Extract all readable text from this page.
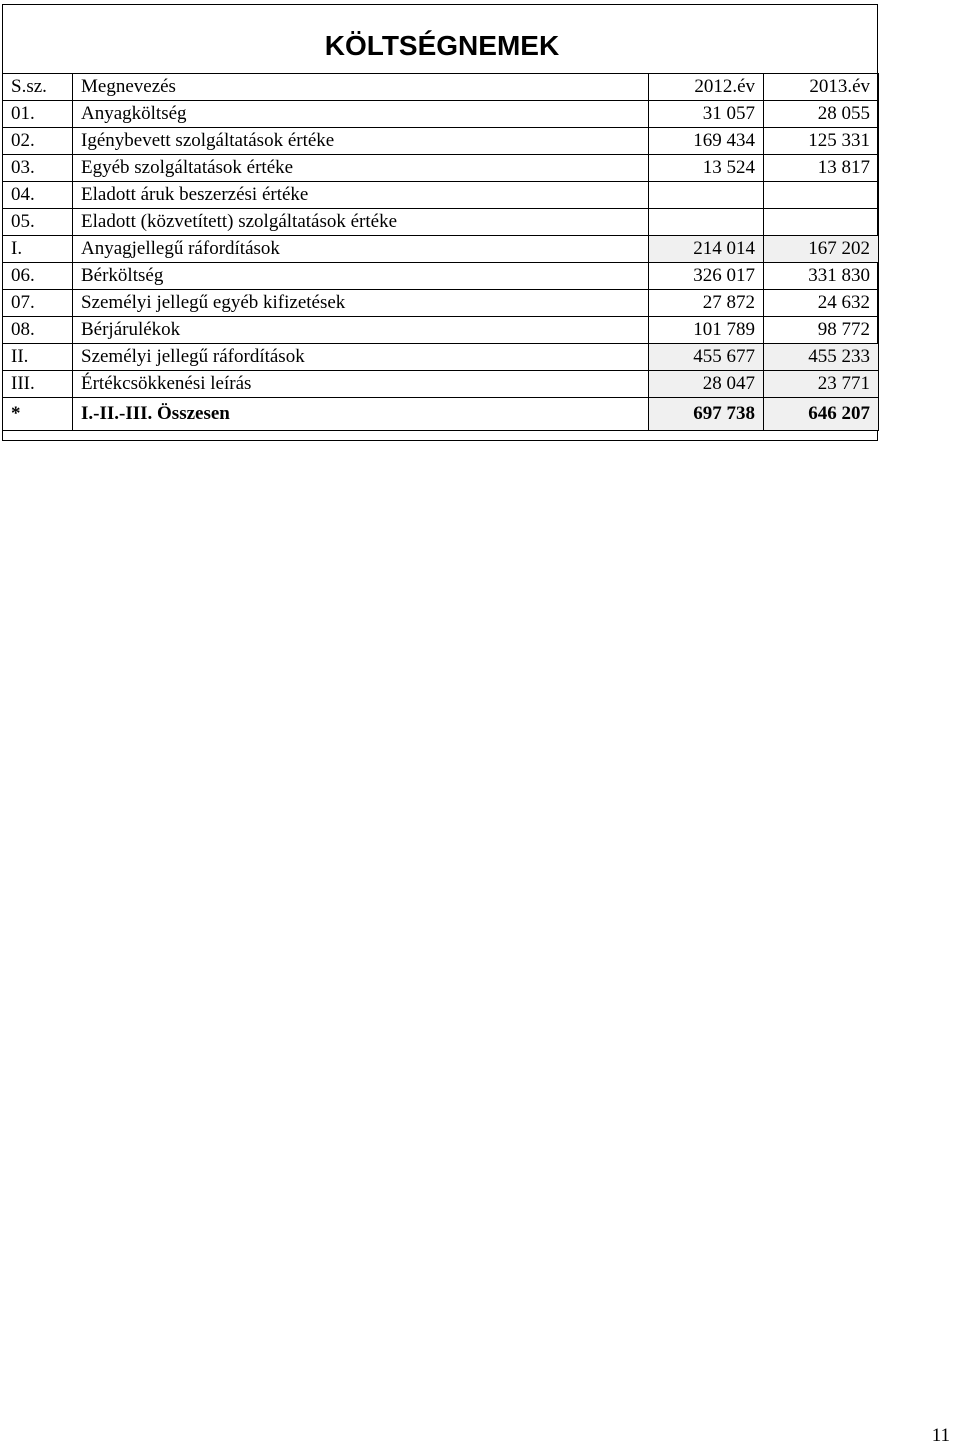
KÖLTSÉGNEMEK
S.sz.	Megnevezés	2012.év	2013.év
01.	Anyagköltség	31 057	28 055
02.	Igénybevett szolgáltatások értéke	169 434	125 331
03.	Egyéb szolgáltatások értéke	13 524	13 817
04.	Eladott áruk beszerzési értéke		
05.	Eladott (közvetített) szolgáltatások értéke		
I.	Anyagjellegű ráfordítások	214 014	167 202
06.	Bérköltség	326 017	331 830
07.	Személyi jellegű egyéb kifizetések	27 872	24 632
08.	Bérjárulékok	101 789	98 772
II.	Személyi jellegű ráfordítások	455 677	455 233
III.	Értékcsökkenési leírás	28 047	23 771
*	I.-II.-III. Összesen	697 738	646 207
11
